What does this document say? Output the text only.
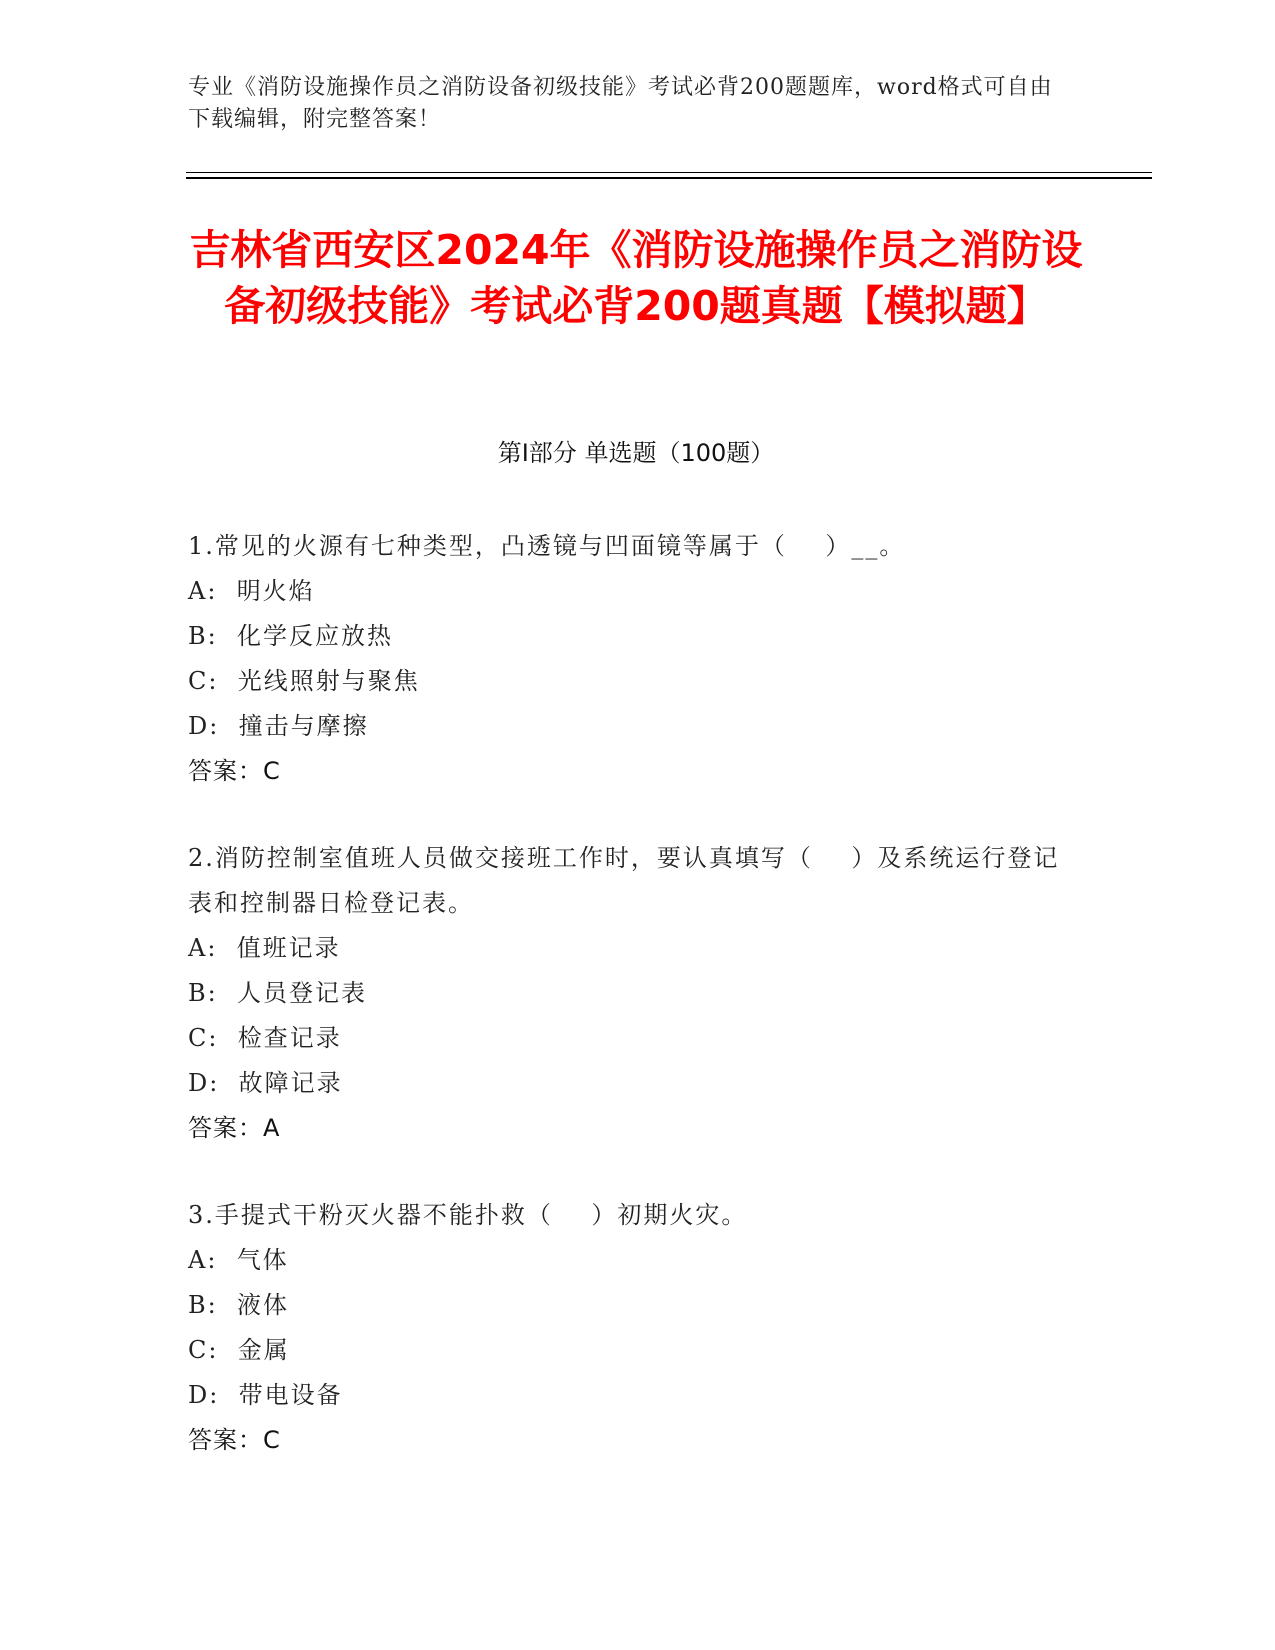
专业《消防设施操作员之消防设备初级技能》考试必背200题题库，word格式可自由下载编辑，附完整答案！
吉林省西安区2024年《消防设施操作员之消防设备初级技能》考试必背200题真题【模拟题】
第Ⅰ部分 单选题（100题）
1.常见的火源有七种类型，凸透镜与凹面镜等属于（    ）__。
A: 明火焰
B: 化学反应放热
C: 光线照射与聚焦
D: 撞击与摩擦
答案：C
2.消防控制室值班人员做交接班工作时，要认真填写（    ）及系统运行登记表和控制器日检登记表。
A: 值班记录
B: 人员登记表
C: 检查记录
D: 故障记录
答案：A
3.手提式干粉灭火器不能扑救（    ）初期火灾。
A: 气体
B: 液体
C: 金属
D: 带电设备
答案：C
